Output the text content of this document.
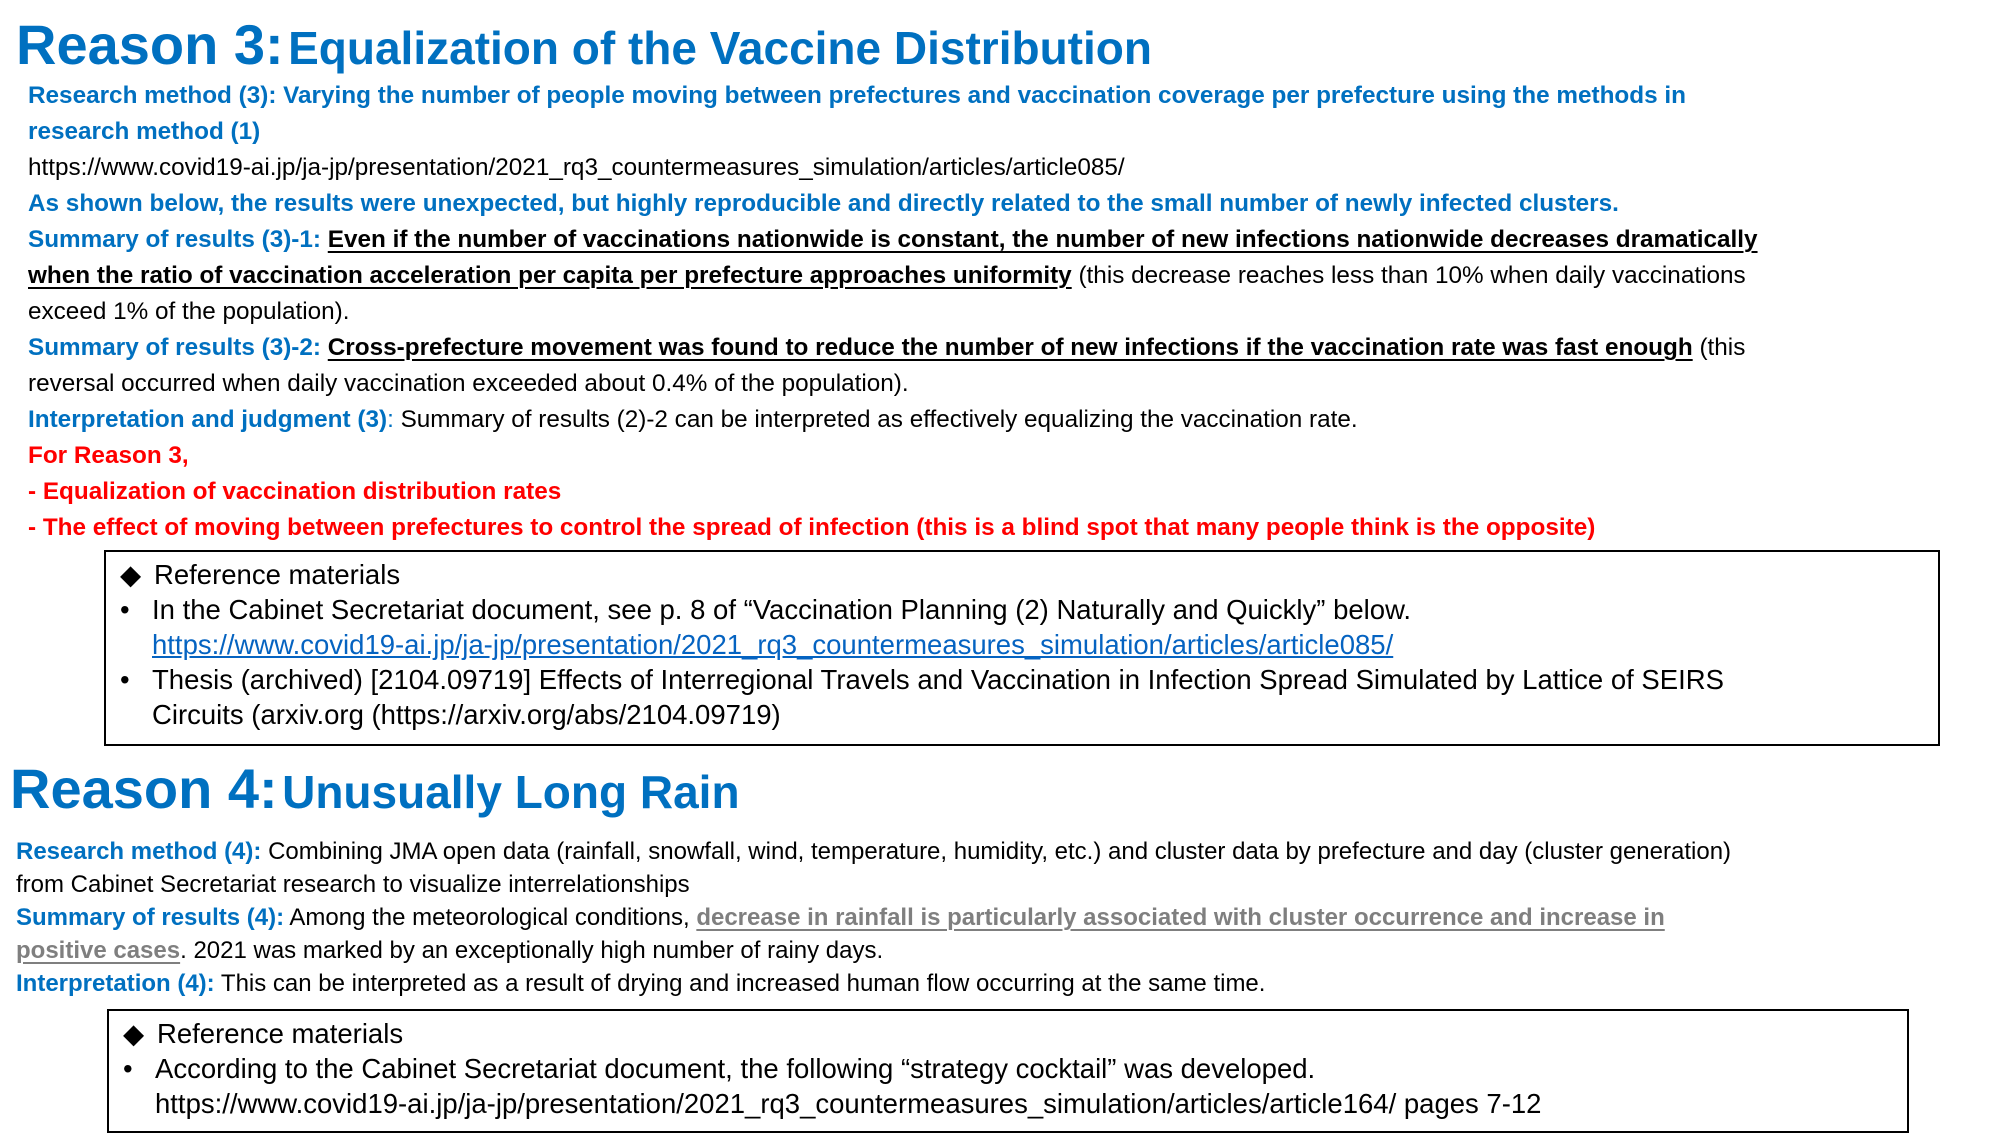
Reason 3: Equalization of the Vaccine Distribution
Research method (3): Varying the number of people moving between prefectures and vaccination coverage per prefecture using the methods in
research method (1)
https://www.covid19-ai.jp/ja-jp/presentation/2021_rq3_countermeasures_simulation/articles/article085/
As shown below, the results were unexpected, but highly reproducible and directly related to the small number of newly infected clusters.
Summary of results (3)-1: Even if the number of vaccinations nationwide is constant, the number of new infections nationwide decreases dramatically
when the ratio of vaccination acceleration per capita per prefecture approaches uniformity (this decrease reaches less than 10% when daily vaccinations
exceed 1% of the population).
Summary of results (3)-2: Cross-prefecture movement was found to reduce the number of new infections if the vaccination rate was fast enough (this
reversal occurred when daily vaccination exceeded about 0.4% of the population).
Interpretation and judgment (3): Summary of results (2)-2 can be interpreted as effectively equalizing the vaccination rate.
For Reason 3,
- Equalization of vaccination distribution rates
- The effect of moving between prefectures to control the spread of infection (this is a blind spot that many people think is the opposite)
◆ Reference materials
• In the Cabinet Secretariat document, see p. 8 of “Vaccination Planning (2) Naturally and Quickly” below.
https://www.covid19-ai.jp/ja-jp/presentation/2021_rq3_countermeasures_simulation/articles/article085/
• Thesis (archived) [2104.09719] Effects of Interregional Travels and Vaccination in Infection Spread Simulated by Lattice of SEIRS
Circuits (arxiv.org (https://arxiv.org/abs/2104.09719)
Reason 4: Unusually Long Rain
Research method (4): Combining JMA open data (rainfall, snowfall, wind, temperature, humidity, etc.) and cluster data by prefecture and day (cluster generation)
from Cabinet Secretariat research to visualize interrelationships
Summary of results (4): Among the meteorological conditions, decrease in rainfall is particularly associated with cluster occurrence and increase in
positive cases. 2021 was marked by an exceptionally high number of rainy days.
Interpretation (4): This can be interpreted as a result of drying and increased human flow occurring at the same time.
◆ Reference materials
• According to the Cabinet Secretariat document, the following “strategy cocktail” was developed.
https://www.covid19-ai.jp/ja-jp/presentation/2021_rq3_countermeasures_simulation/articles/article164/ pages 7-12
